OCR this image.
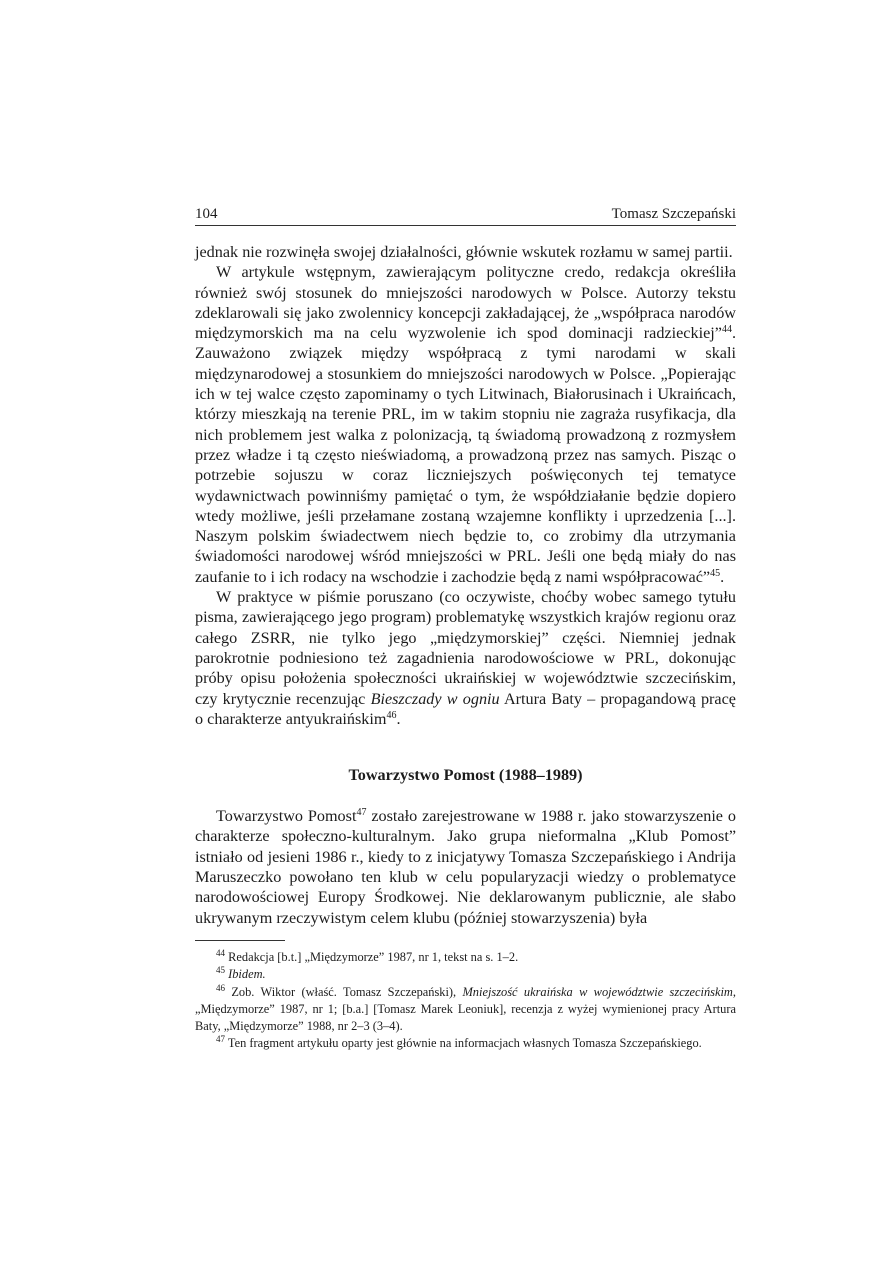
104	Tomasz Szczepański

jednak nie rozwinęła swojej działalności, głównie wskutek rozłamu w samej partii.

W artykule wstępnym, zawierającym polityczne credo, redakcja określiła również swój stosunek do mniejszości narodowych w Polsce. Autorzy tekstu zdeklarowali się jako zwolennicy koncepcji zakładającej, że „współpraca narodów międzymorskich ma na celu wyzwolenie ich spod dominacji radzieckiej”$^{44}$. Zauważono związek między współpracą z tymi narodami w skali międzynarodowej a stosunkiem do mniejszości narodowych w Polsce. „Popierając ich w tej walce często zapominamy o tych Litwinach, Białorusinach i Ukraińcach, którzy mieszkają na terenie PRL, im w takim stopniu nie zagraża rusyfikacja, dla nich problemem jest walka z polonizacją, tą świadomą prowadzoną z rozmysłem przez władze i tą często nieświadomą, a prowadzoną przez nas samych. Pisząc o potrzebie sojuszu w coraz liczniejszych poświęconych tej tematyce wydawnictwach powinniśmy pamiętać o tym, że współdziałanie będzie dopiero wtedy możliwe, jeśli przełamane zostaną wzajemne konflikty i uprzedzenia [...]. Naszym polskim świadectwem niech będzie to, co zrobimy dla utrzymania świadomości narodowej wśród mniejszości w PRL. Jeśli one będą miały do nas zaufanie to i ich rodacy na wschodzie i zachodzie będą z nami współpracować”$^{45}$.

W praktyce w piśmie poruszano (co oczywiste, choćby wobec samego tytułu pisma, zawierającego jego program) problematykę wszystkich krajów regionu oraz całego ZSRR, nie tylko jego „międzymorskiej” części. Niemniej jednak parokrotnie podniesiono też zagadnienia narodowościowe w PRL, dokonując próby opisu położenia społeczności ukraińskiej w województwie szczecińskim, czy krytycznie recenzując Bieszczady w ogniu Artura Baty – propagandową pracę o charakterze antyukraińskim$^{46}$.

Towarzystwo Pomost (1988–1989)

Towarzystwo Pomost$^{47}$ zostało zarejestrowane w 1988 r. jako stowarzyszenie o charakterze społeczno-kulturalnym. Jako grupa nieformalna „Klub Pomost” istniało od jesieni 1986 r., kiedy to z inicjatywy Tomasza Szczepańskiego i Andrija Maruszeczko powołano ten klub w celu popularyzacji wiedzy o problematyce narodowościowej Europy Środkowej. Nie deklarowanym publicznie, ale słabo ukrywanym rzeczywistym celem klubu (później stowarzyszenia) była

$^{44}$ Redakcja [b.t.] „Międzymorze” 1987, nr 1, tekst na s. 1–2.

$^{45}$ Ibidem.

$^{46}$ Zob. Wiktor (właść. Tomasz Szczepański), Mniejszość ukraińska w województwie szczecińskim, „Międzymorze” 1987, nr 1; [b.a.] [Tomasz Marek Leoniuk], recenzja z wyżej wymienionej pracy Artura Baty, „Międzymorze” 1988, nr 2–3 (3–4).

$^{47}$ Ten fragment artykułu oparty jest głównie na informacjach własnych Tomasza Szczepańskiego.
